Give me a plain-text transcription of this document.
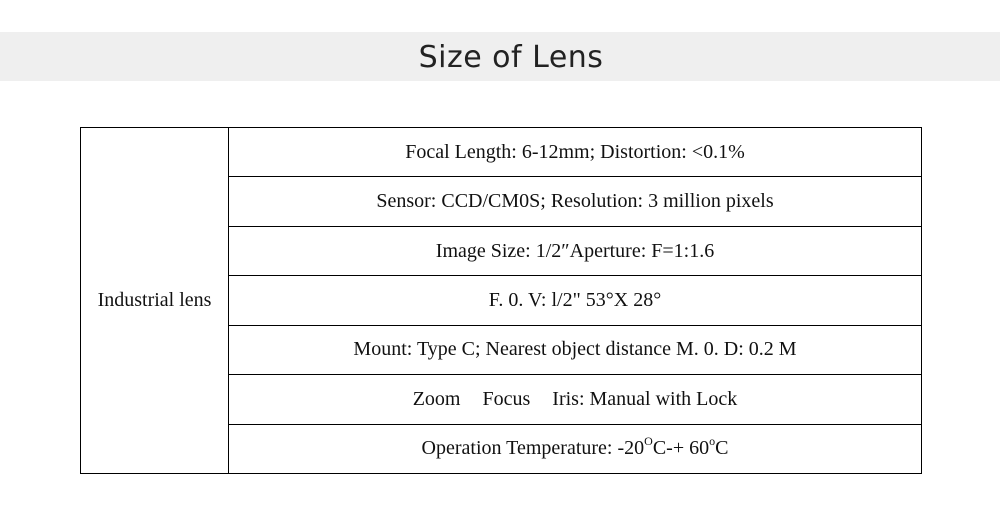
Size of Lens
Industrial lens	Focal Length: 6-12mm; Distortion: <0.1%
Sensor: CCD/CM0S; Resolution: 3 million pixels
Image Size: 1/2″Aperture: F=1:1.6
F. 0. V: l/2" 53°X 28°
Mount: Type C; Nearest object distance M. 0. D: 0.2 M
Zoom Focus Iris: Manual with Lock
Operation Temperature: $-20^OC-+ 60^oC$
